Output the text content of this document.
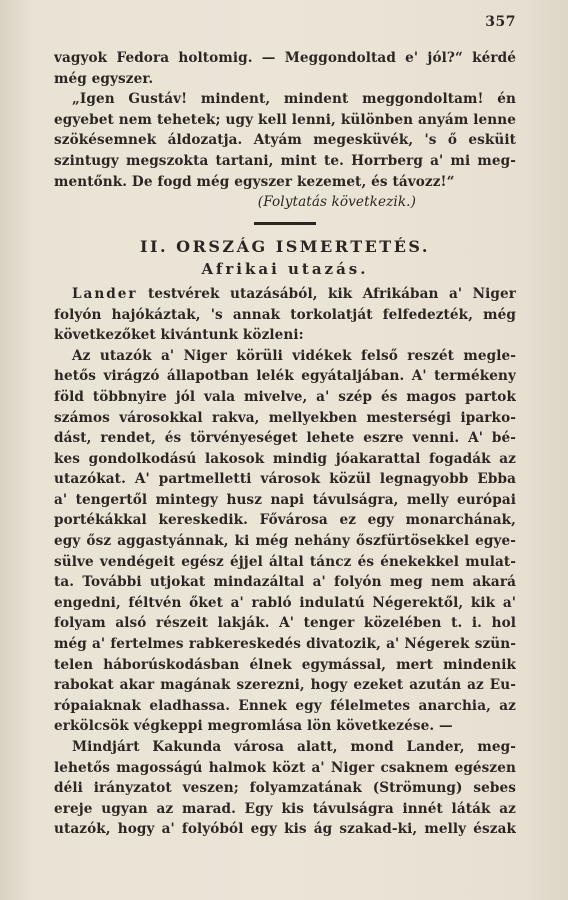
357
vagyok Fedora holtomig. — Meggondoltad e' jól?“ kérdé
még egyszer.
„Igen Gustáv! mindent, mindent meggondoltam! én
egyebet nem tehetek; ugy kell lenni, különben anyám lenne
szökésemnek áldozatja. Atyám megesküvék, 's ő esküit
szintugy megszokta tartani, mint te. Horrberg a' mi meg-
mentőnk. De fogd még egyszer kezemet, és távozz!“
(Folytatás következik.)
II. ORSZÁG ISMERTETÉS.
Afrikai utazás.
Lander testvérek utazásából, kik Afrikában a' Niger
folyón hajókáztak, 's annak torkolatját felfedezték, még
következőket kivántunk közleni:
Az utazók a' Niger körüli vidékek felső reszét megle-
hetős virágzó állapotban lelék egyátaljában. A' termékeny
föld többnyire jól vala mivelve, a' szép és magos partok
számos városokkal rakva, mellyekben mesterségi iparko-
dást, rendet, és törvényeséget lehete eszre venni. A' bé-
kes gondolkodású lakosok mindig jóakarattal fogadák az
utazókat. A' partmelletti városok közül legnagyobb Ebba
a' tengertől mintegy husz napi távulságra, melly európai
portékákkal kereskedik. Fővárosa ez egy monarchának,
egy ősz aggastyánnak, ki még nehány őszfürtösekkel egye-
sülve vendégeit egész éjjel által táncz és énekekkel mulat-
ta. További utjokat mindazáltal a' folyón meg nem akará
engedni, féltvén őket a' rabló indulatú Négerektől, kik a'
folyam alsó részeit lakják. A' tenger közelében t. i. hol
még a' fertelmes rabkereskedés divatozik, a' Négerek szün-
telen háborúskodásban élnek egymással, mert mindenik
rabokat akar magának szerezni, hogy ezeket azután az Eu-
rópaiaknak eladhassa. Ennek egy félelmetes anarchia, az
erkölcsök végkeppi megromlása lön következése. —
Mindjárt Kakunda városa alatt, mond Lander, meg-
lehetős magosságú halmok közt a' Niger csaknem egészen
déli irányzatot veszen; folyamzatának (Strömung) sebes
ereje ugyan az marad. Egy kis távulságra innét láták az
utazók, hogy a' folyóból egy kis ág szakad-ki, melly észak
